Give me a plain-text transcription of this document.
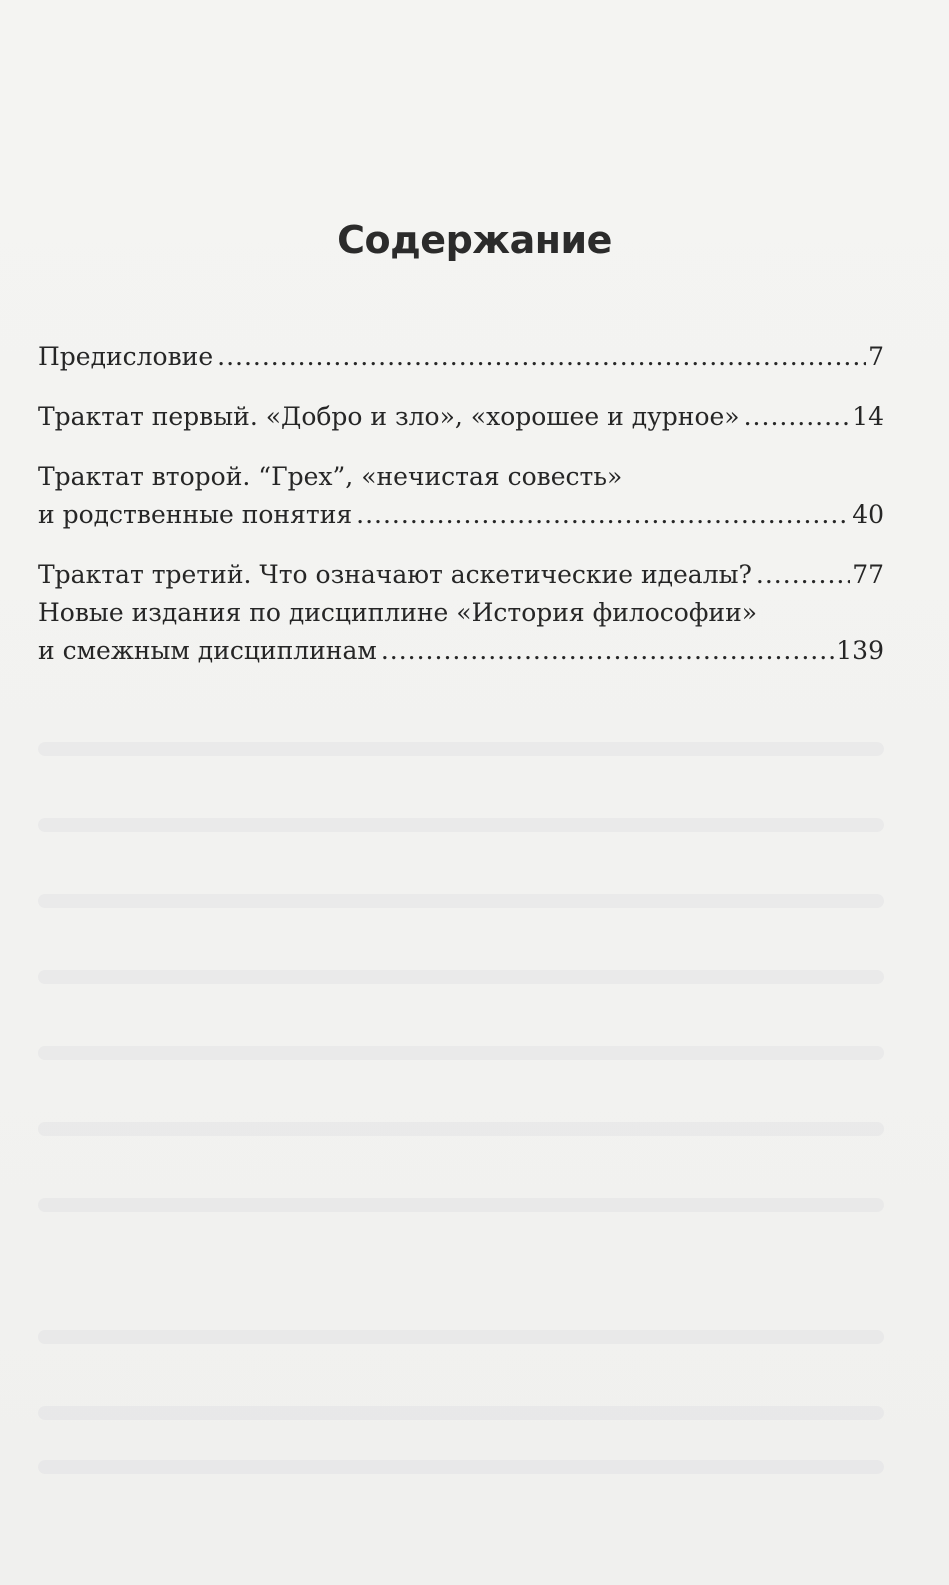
Содержание
Предисловие .....	7
Трактат первый. «Добро и зло», «хорошее и дурное» .....	14
Трактат второй. “Грех”, «нечистая совесть»
и родственные понятия .....	40
Трактат третий. Что означают аскетические идеалы? .....	77
Новые издания по дисциплине «История философии»
и смежным дисциплинам .....	139
